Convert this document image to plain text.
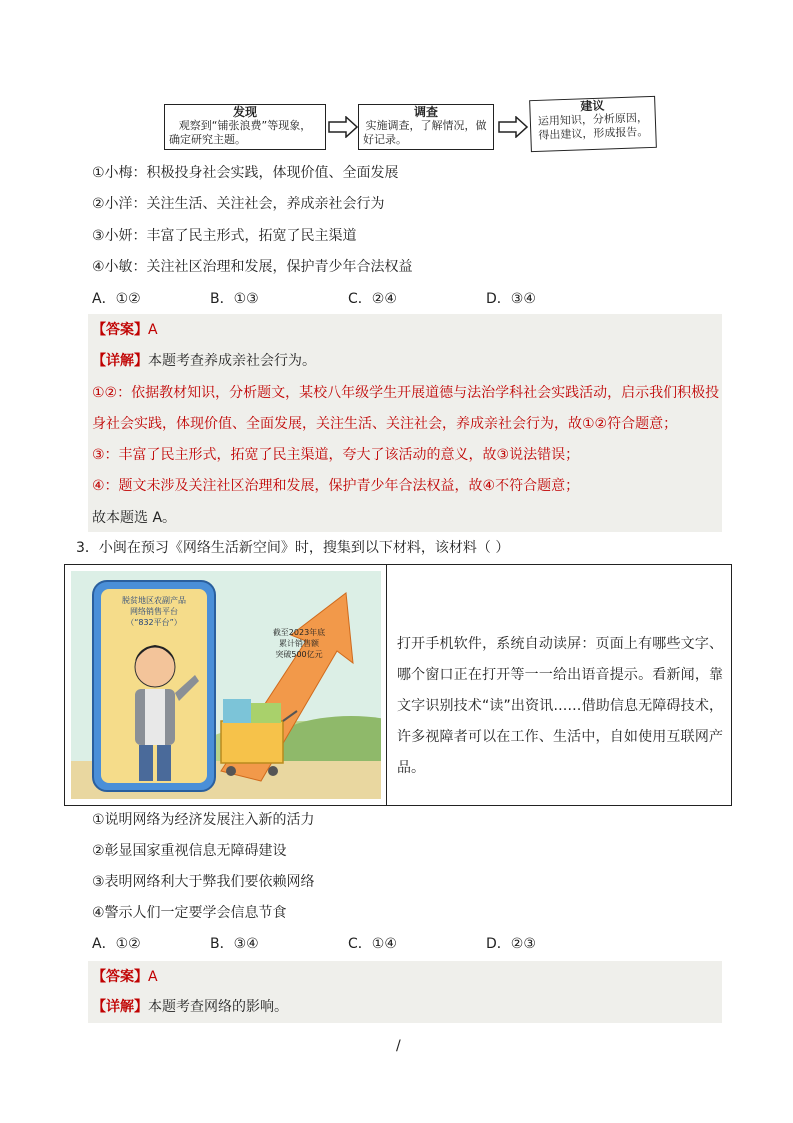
发现
观察到“铺张浪费”等现象，
确定研究主题。
调查
实施调查，了解情况，做
好记录。
建议
运用知识，分析原因，
得出建议，形成报告。
①小梅：积极投身社会实践，体现价值、全面发展
②小洋：关注生活、关注社会，养成亲社会行为
③小妍：丰富了民主形式，拓宽了民主渠道
④小敏：关注社区治理和发展，保护青少年合法权益
A．①②	B．①③	C．②④	D．③④
【答案】A
【详解】本题考查养成亲社会行为。
①②：依据教材知识，分析题文，某校八年级学生开展道德与法治学科社会实践活动，启示我们积极投
身社会实践，体现价值、全面发展，关注生活、关注社会，养成亲社会行为，故①②符合题意；
③：丰富了民主形式，拓宽了民主渠道，夸大了该活动的意义，故③说法错误；
④：题文未涉及关注社区治理和发展，保护青少年合法权益，故④不符合题意；
故本题选 A。
3．小闽在预习《网络生活新空间》时，搜集到以下材料，该材料（ ）
脱贫地区农副产品
网络销售平台
（“832平台”）
截至2023年底
累计销售额
突破500亿元
打开手机软件，系统自动读屏：页面上有哪些文字、哪个窗口正在打开等一一给出语音提示。看新闻，靠文字识别技术“读”出资讯……借助信息无障碍技术，许多视障者可以在工作、生活中，自如使用互联网产品。
①说明网络为经济发展注入新的活力
②彰显国家重视信息无障碍建设
③表明网络利大于弊我们要依赖网络
④警示人们一定要学会信息节食
A．①②	B．③④	C．①④	D．②③
【答案】A
【详解】本题考查网络的影响。
/
